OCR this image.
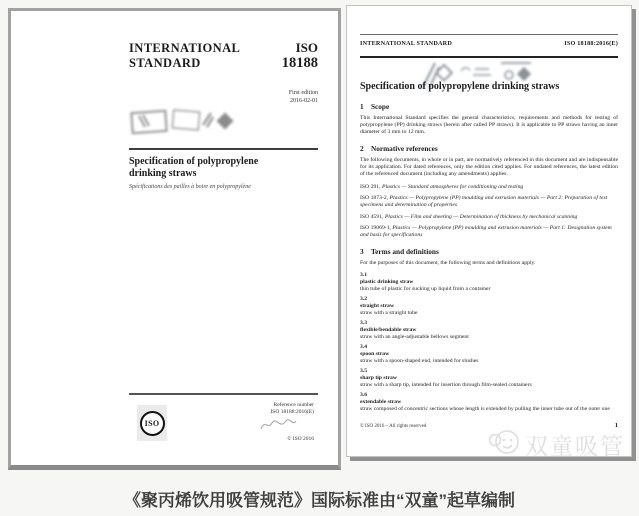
INTERNATIONAL
STANDARD
ISO
18188
First edition
2016-02-01
Specification of polypropylene
drinking straws
Spécifications des pailles à boire en polypropylène
ISO
Reference number
ISO 18188:2016(E)
© ISO 2016
INTERNATIONAL STANDARD	ISO 18188:2016(E)
Specification of polypropylene drinking straws
1 Scope

This International Standard specifies the general characteristics, requirements and methods for testing of polypropylene (PP) drinking straws (herein after called PP straws). It is applicable to PP straws having an inner diameter of 3 mm to 12 mm.

2 Normative references

The following documents, in whole or in part, are normatively referenced in this document and are indispensable for its application. For dated references, only the edition cited applies. For undated references, the latest edition of the referenced document (including any amendments) applies.

ISO 291, Plastics — Standard atmospheres for conditioning and testing
ISO 1873-2, Plastics — Polypropylene (PP) moulding and extrusion materials — Part 2: Preparation of test specimens and determination of properties
ISO 4591, Plastics — Film and sheeting — Determination of thickness by mechanical scanning
ISO 19069-1, Plastics — Polypropylene (PP) moulding and extrusion materials — Part 1: Designation system and basis for specifications
3 Terms and definitions

For the purposes of this document, the following terms and definitions apply.

3.1
plastic drinking straw
thin tube of plastic for sucking up liquid from a container
3.2
straight straw
straw with a straight tube
3.3
flexible/bendable straw
straw with an angle-adjustable bellows segment
3.4
spoon straw
straw with a spoon-shaped end, intended for slushes
3.5
sharp tip straw
straw with a sharp tip, intended for insertion through film-sealed containers
3.6
extendable straw
straw composed of concentric sections whose length is extended by pulling the inner tube out of the outer one
© ISO 2016 – All rights reserved	1
双童吸管
《聚丙烯饮用吸管规范》国际标准由“双童”起草编制
